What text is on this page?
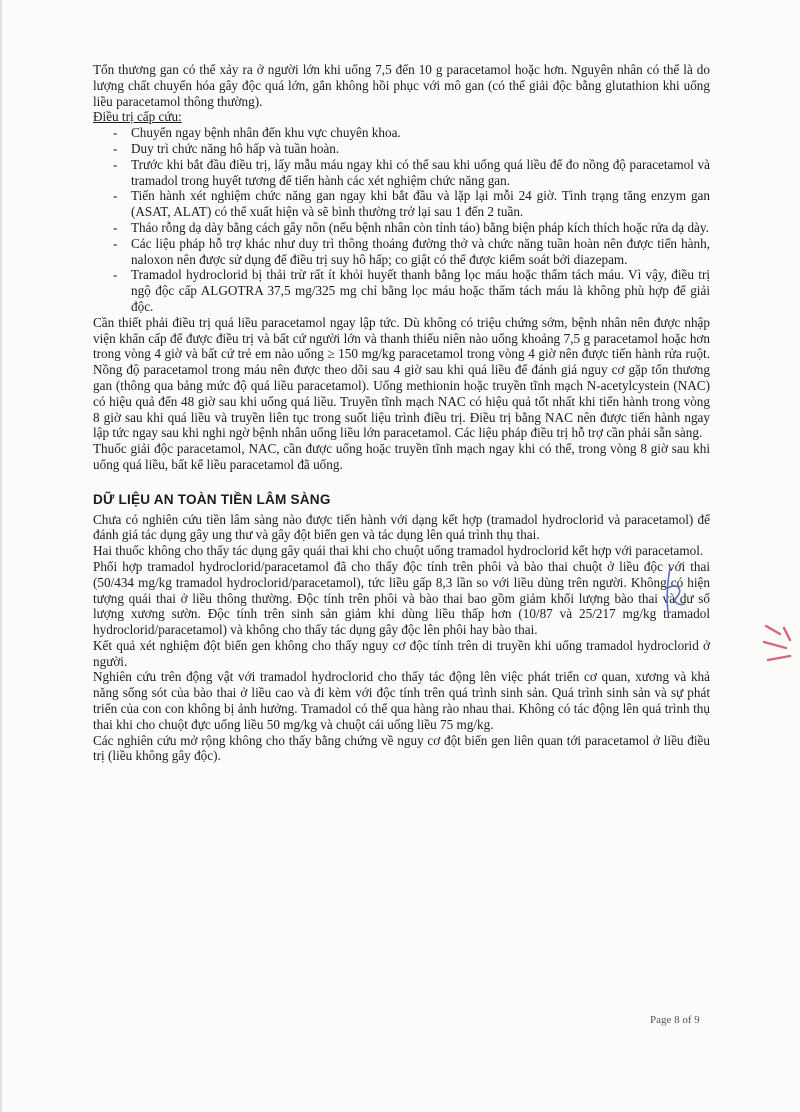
Tổn thương gan có thể xảy ra ở người lớn khi uống 7,5 đến 10 g paracetamol hoặc hơn. Nguyên nhân có thể là do lượng chất chuyển hóa gây độc quá lớn, gắn không hồi phục với mô gan (có thể giải độc bằng glutathion khi uống liều paracetamol thông thường).

Điều trị cấp cứu:

- Chuyển ngay bệnh nhân đến khu vực chuyên khoa.
- Duy trì chức năng hô hấp và tuần hoàn.
- Trước khi bắt đầu điều trị, lấy mẫu máu ngay khi có thể sau khi uống quá liều để đo nồng độ paracetamol và tramadol trong huyết tương để tiến hành các xét nghiệm chức năng gan.
- Tiến hành xét nghiệm chức năng gan ngay khi bắt đầu và lặp lại mỗi 24 giờ. Tình trạng tăng enzym gan (ASAT, ALAT) có thể xuất hiện và sẽ bình thường trở lại sau 1 đến 2 tuần.
- Tháo rỗng dạ dày bằng cách gây nôn (nếu bệnh nhân còn tỉnh táo) bằng biện pháp kích thích hoặc rửa dạ dày.
- Các liệu pháp hỗ trợ khác như duy trì thông thoáng đường thở và chức năng tuần hoàn nên được tiến hành, naloxon nên được sử dụng để điều trị suy hô hấp; co giật có thể được kiểm soát bởi diazepam.
- Tramadol hydroclorid bị thải trừ rất ít khỏi huyết thanh bằng lọc máu hoặc thẩm tách máu. Vì vậy, điều trị ngộ độc cấp ALGOTRA 37,5 mg/325 mg chỉ bằng lọc máu hoặc thẩm tách máu là không phù hợp để giải độc.

Cần thiết phải điều trị quá liều paracetamol ngay lập tức. Dù không có triệu chứng sớm, bệnh nhân nên được nhập viện khẩn cấp để được điều trị và bất cứ người lớn và thanh thiếu niên nào uống khoảng 7,5 g paracetamol hoặc hơn trong vòng 4 giờ và bất cứ trẻ em nào uống ≥ 150 mg/kg paracetamol trong vòng 4 giờ nên được tiến hành rửa ruột. Nồng độ paracetamol trong máu nên được theo dõi sau 4 giờ sau khi quá liều để đánh giá nguy cơ gặp tổn thương gan (thông qua bảng mức độ quá liều paracetamol). Uống methionin hoặc truyền tĩnh mạch N-acetylcystein (NAC) có hiệu quả đến 48 giờ sau khi uống quá liều. Truyền tĩnh mạch NAC có hiệu quả tốt nhất khi tiến hành trong vòng 8 giờ sau khi quá liều và truyền liên tục trong suốt liệu trình điều trị. Điều trị bằng NAC nên được tiến hành ngay lập tức ngay sau khi nghi ngờ bệnh nhân uống liều lớn paracetamol. Các liệu pháp điều trị hỗ trợ cần phải sẵn sàng.

Thuốc giải độc paracetamol, NAC, cần được uống hoặc truyền tĩnh mạch ngay khi có thể, trong vòng 8 giờ sau khi uống quá liều, bất kể liều paracetamol đã uống.

DỮ LIỆU AN TOÀN TIỀN LÂM SÀNG

Chưa có nghiên cứu tiền lâm sàng nào được tiến hành với dạng kết hợp (tramadol hydroclorid và paracetamol) để đánh giá tác dụng gây ung thư và gây đột biến gen và tác dụng lên quá trình thụ thai.

Hai thuốc không cho thấy tác dụng gây quái thai khi cho chuột uống tramadol hydroclorid kết hợp với paracetamol.

Phối hợp tramadol hydroclorid/paracetamol đã cho thấy độc tính trên phôi và bào thai chuột ở liều độc với thai (50/434 mg/kg tramadol hydroclorid/paracetamol), tức liều gấp 8,3 lần so với liều dùng trên người. Không có hiện tượng quái thai ở liều thông thường. Độc tính trên phôi và bào thai bao gồm giảm khối lượng bào thai và dư số lượng xương sườn. Độc tính trên sinh sản giảm khi dùng liều thấp hơn (10/87 và 25/217 mg/kg tramadol hydroclorid/paracetamol) và không cho thấy tác dụng gây độc lên phôi hay bào thai.

Kết quả xét nghiệm đột biến gen không cho thấy nguy cơ độc tính trên di truyền khi uống tramadol hydroclorid ở người.

Nghiên cứu trên động vật với tramadol hydroclorid cho thấy tác động lên việc phát triển cơ quan, xương và khả năng sống sót của bào thai ở liều cao và đi kèm với độc tính trên quá trình sinh sản. Quá trình sinh sản và sự phát triển của con con không bị ảnh hưởng. Tramadol có thể qua hàng rào nhau thai. Không có tác động lên quá trình thụ thai khi cho chuột đực uống liều 50 mg/kg và chuột cái uống liều 75 mg/kg.

Các nghiên cứu mở rộng không cho thấy bằng chứng về nguy cơ đột biến gen liên quan tới paracetamol ở liều điều trị (liều không gây độc).

Page 8 of 9
